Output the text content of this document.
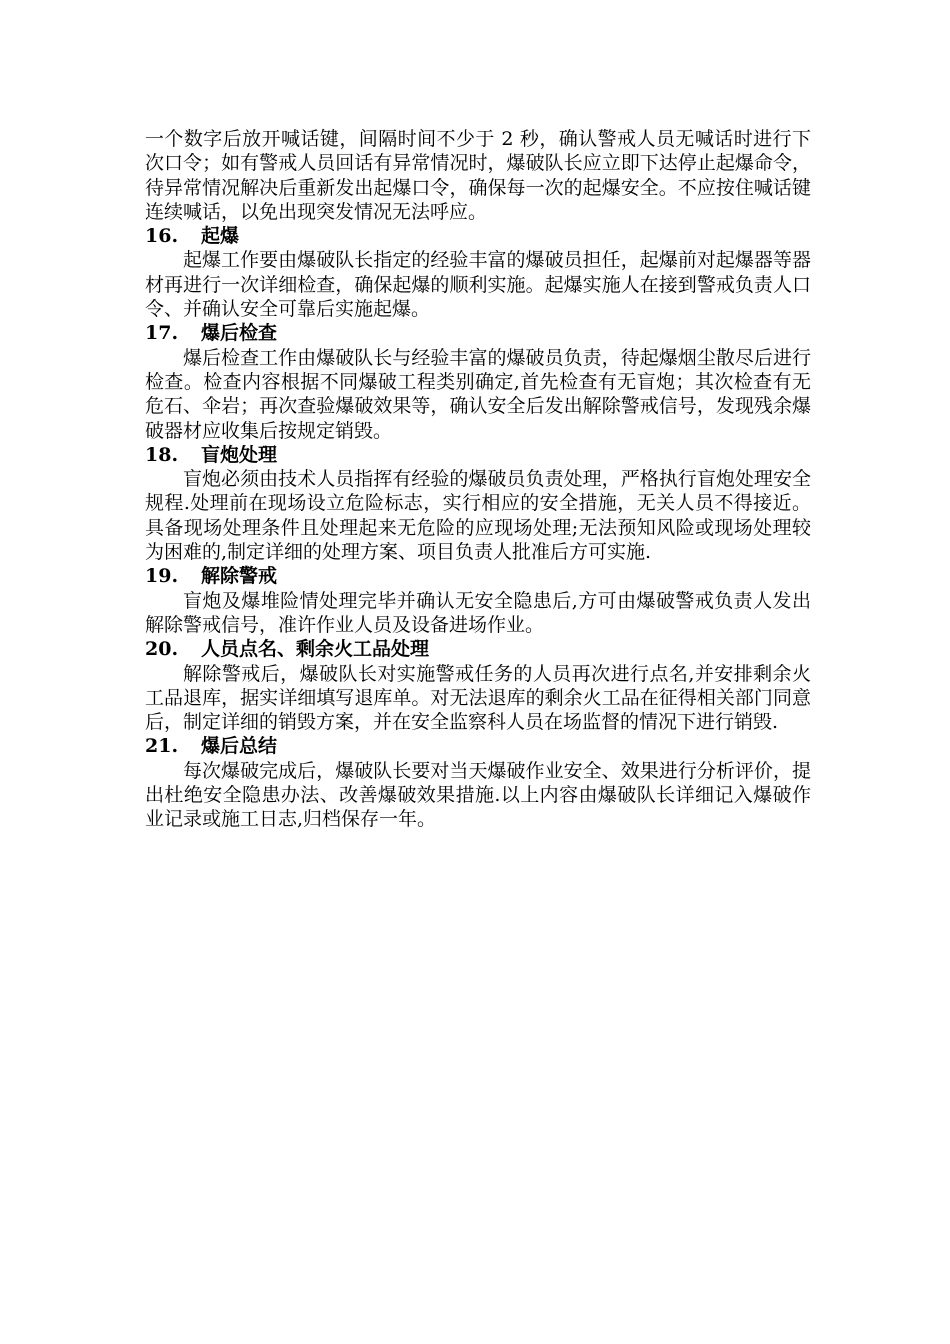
一个数字后放开喊话键，间隔时间不少于 2 秒，确认警戒人员无喊话时进行下次口令；如有警戒人员回话有异常情况时，爆破队长应立即下达停止起爆命令，待异常情况解决后重新发出起爆口令，确保每一次的起爆安全。不应按住喊话键连续喊话，以免出现突发情况无法呼应。

16. 起爆

起爆工作要由爆破队长指定的经验丰富的爆破员担任，起爆前对起爆器等器材再进行一次详细检查，确保起爆的顺利实施。起爆实施人在接到警戒负责人口令、并确认安全可靠后实施起爆。

17. 爆后检查

爆后检查工作由爆破队长与经验丰富的爆破员负责，待起爆烟尘散尽后进行检查。检查内容根据不同爆破工程类别确定,首先检查有无盲炮；其次检查有无危石、伞岩；再次查验爆破效果等，确认安全后发出解除警戒信号，发现残余爆破器材应收集后按规定销毁。

18. 盲炮处理

盲炮必须由技术人员指挥有经验的爆破员负责处理，严格执行盲炮处理安全规程.处理前在现场设立危险标志，实行相应的安全措施，无关人员不得接近。具备现场处理条件且处理起来无危险的应现场处理;无法预知风险或现场处理较为困难的,制定详细的处理方案、项目负责人批准后方可实施.

19. 解除警戒

盲炮及爆堆险情处理完毕并确认无安全隐患后,方可由爆破警戒负责人发出解除警戒信号，准许作业人员及设备进场作业。

20. 人员点名、剩余火工品处理

解除警戒后，爆破队长对实施警戒任务的人员再次进行点名,并安排剩余火工品退库，据实详细填写退库单。对无法退库的剩余火工品在征得相关部门同意后，制定详细的销毁方案，并在安全监察科人员在场监督的情况下进行销毁.

21. 爆后总结

每次爆破完成后，爆破队长要对当天爆破作业安全、效果进行分析评价，提出杜绝安全隐患办法、改善爆破效果措施.以上内容由爆破队长详细记入爆破作业记录或施工日志,归档保存一年。
